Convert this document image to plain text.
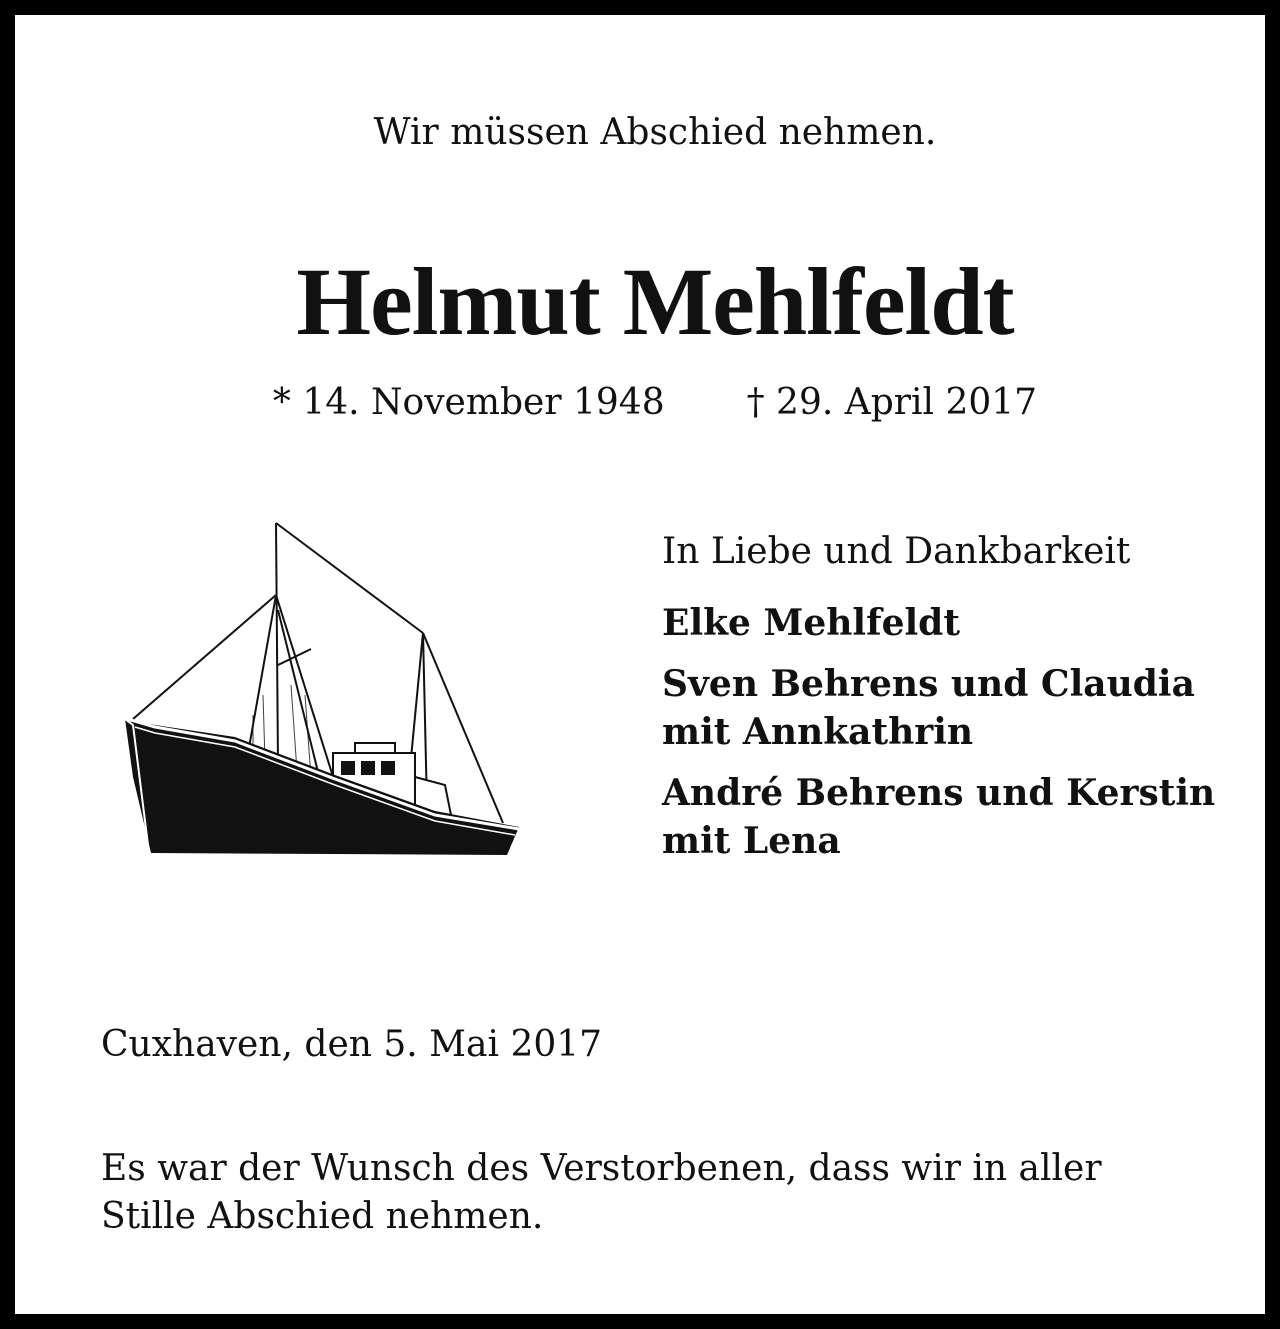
Wir müssen Abschied nehmen.

Helmut Mehlfeldt

* 14. November 1948 † 29. April 2017

In Liebe und Dankbarkeit

Elke Mehlfeldt

Sven Behrens und Claudia
mit Annkathrin

André Behrens und Kerstin
mit Lena

Cuxhaven, den 5. Mai 2017

Es war der Wunsch des Verstorbenen, dass wir in aller
Stille Abschied nehmen.
